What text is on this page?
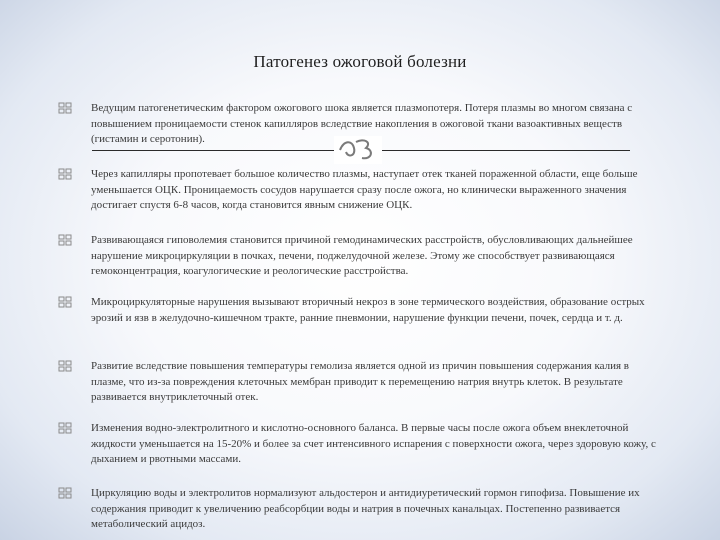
Патогенез ожоговой болезни
Ведущим патогенетическим фактором ожогового шока является плазмопотеря. Потеря плазмы во многом связана с повышением проницаемости стенок капилляров вследствие накопления в ожоговой ткани вазоактивных веществ (гистамин и серотонин).
Через капилляры пропотевает большое количество плазмы, наступает отек тканей пораженной области, еще больше уменьшается ОЦК. Проницаемость сосудов нарушается сразу после ожога, но клинически выраженного значения достигает спустя 6-8 часов, когда становится явным снижение ОЦК.
Развивающаяся гиповолемия становится причиной гемодинамических расстройств, обусловливающих дальнейшее нарушение микроциркуляции в почках, печени, поджелудочной железе. Этому же способствует развивающаяся гемоконцентрация, коагулогические и реологические расстройства.
Микроциркуляторные нарушения вызывают вторичный некроз в зоне термического воздействия, образование острых эрозий и язв в желудочно-кишечном тракте, ранние пневмонии, нарушение функции печени, почек, сердца и т. д.
Развитие вследствие повышения температуры гемолиза является одной из причин повышения содержания калия в плазме, что из-за повреждения клеточных мембран приводит к перемещению натрия внутрь клеток. В результате развивается внутриклеточный отек.
Изменения водно-электролитного и кислотно-основного баланса. В первые часы после ожога объем внеклеточной жидкости уменьшается на 15-20% и более за счет интенсивного испарения с поверхности ожога, через здоровую кожу, с дыханием и рвотными массами.
Циркуляцию воды и электролитов нормализуют альдостерон и антидиуретический гормон гипофиза. Повышение их содержания приводит к увеличению реабсорбции воды и натрия в почечных канальцах. Постепенно развивается метаболический ацидоз.
